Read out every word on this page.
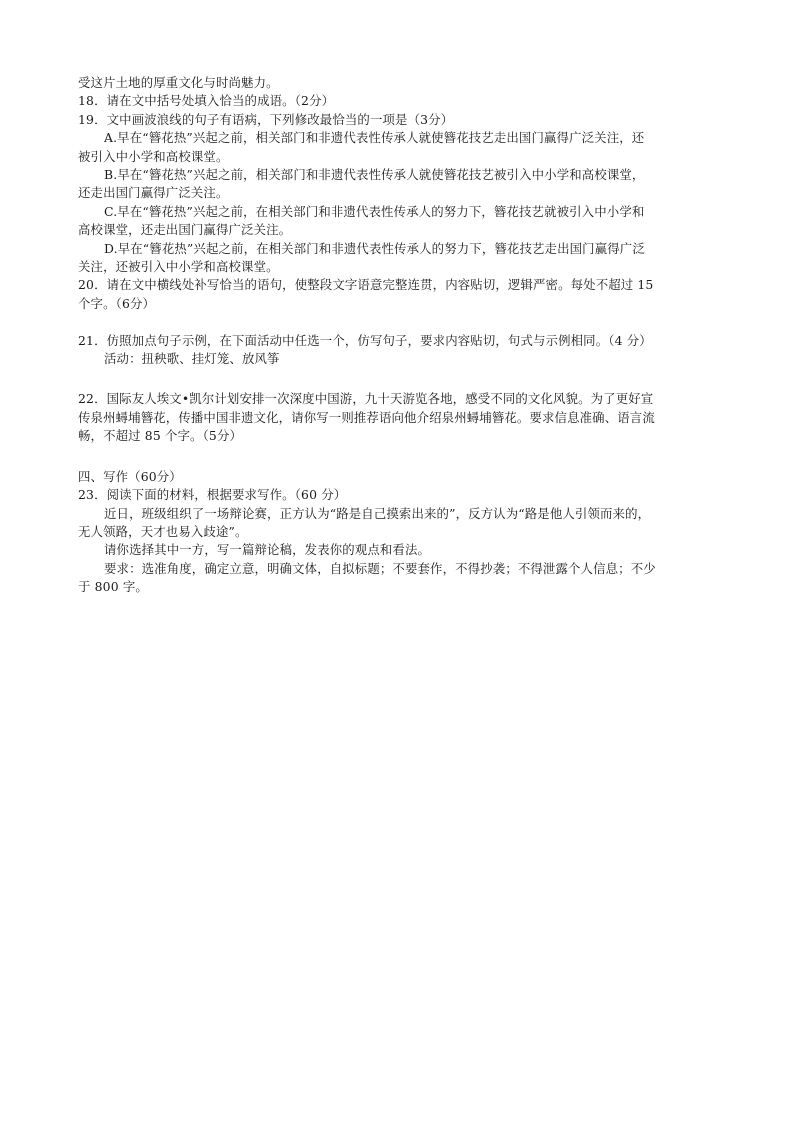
受这片土地的厚重文化与时尚魅力。
18．请在文中括号处填入恰当的成语。（2分）
19．文中画波浪线的句子有语病，下列修改最恰当的一项是（3分）
A.早在“簪花热”兴起之前，相关部门和非遗代表性传承人就使簪花技艺走出国门赢得广泛关注，还
被引入中小学和高校课堂。
B.早在“簪花热”兴起之前，相关部门和非遗代表性传承人就使簪花技艺被引入中小学和高校课堂，
还走出国门赢得广泛关注。
C.早在“簪花热”兴起之前，在相关部门和非遗代表性传承人的努力下，簪花技艺就被引入中小学和
高校课堂，还走出国门赢得广泛关注。
D.早在“簪花热”兴起之前，在相关部门和非遗代表性传承人的努力下，簪花技艺走出国门赢得广泛
关注，还被引入中小学和高校课堂。
20．请在文中横线处补写恰当的语句，使整段文字语意完整连贯，内容贴切，逻辑严密。每处不超过 15
个字。（6分）
21．仿照加点句子示例，在下面活动中任选一个，仿写句子，要求内容贴切，句式与示例相同。（4 分）
活动：扭秧歌、挂灯笼、放风筝
22．国际友人埃文•凯尔计划安排一次深度中国游，九十天游览各地，感受不同的文化风貌。为了更好宣
传泉州蟳埔簪花，传播中国非遗文化，请你写一则推荐语向他介绍泉州蟳埔簪花。要求信息准确、语言流
畅，不超过 85 个字。（5分）
四、写作（60分）
23．阅读下面的材料，根据要求写作。（60 分）
近日，班级组织了一场辩论赛，正方认为“路是自己摸索出来的”，反方认为“路是他人引领而来的，
无人领路，天才也易入歧途”。
请你选择其中一方，写一篇辩论稿，发表你的观点和看法。
要求：选准角度，确定立意，明确文体，自拟标题；不要套作，不得抄袭；不得泄露个人信息；不少
于 800 字。
